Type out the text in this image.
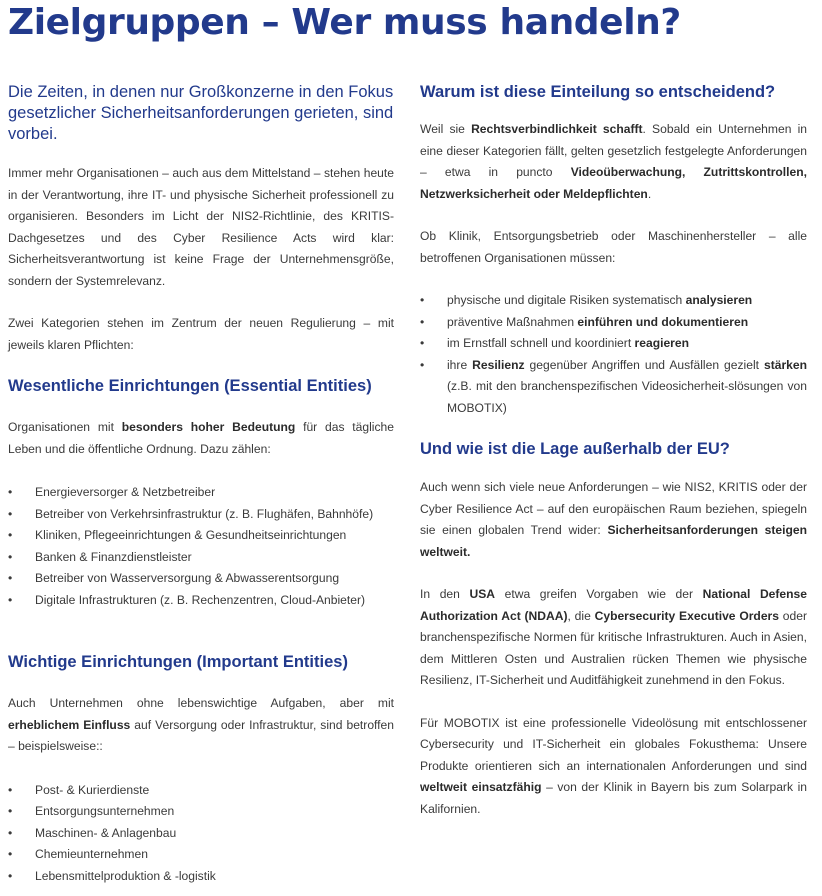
Zielgruppen – Wer muss handeln?

Die Zeiten, in denen nur Großkonzerne in den Fokus gesetzlicher Sicherheitsanforderungen gerieten, sind vorbei.

Immer mehr Organisationen – auch aus dem Mittelstand – stehen heute in der Verantwortung, ihre IT- und physische Sicherheit professionell zu organisieren. Besonders im Licht der NIS2-Richtlinie, des KRITIS-Dachgesetzes und des Cyber Resilience Acts wird klar: Sicherheitsverantwortung ist keine Frage der Unternehmensgröße, sondern der Systemrelevanz.

Zwei Kategorien stehen im Zentrum der neuen Regulierung – mit jeweils klaren Pflichten:

Wesentliche Einrichtungen (Essential Entities)

Organisationen mit besonders hoher Bedeutung für das tägliche Leben und die öffentliche Ordnung. Dazu zählen:

• Energieversorger & Netzbetreiber
• Betreiber von Verkehrsinfrastruktur (z. B. Flughäfen, Bahnhöfe)
• Kliniken, Pflegeeinrichtungen & Gesundheitseinrichtungen
• Banken & Finanzdienstleister
• Betreiber von Wasserversorgung & Abwasserentsorgung
• Digitale Infrastrukturen (z. B. Rechenzentren, Cloud-Anbieter)
Wichtige Einrichtungen (Important Entities)

Auch Unternehmen ohne lebenswichtige Aufgaben, aber mit erheblichem Einfluss auf Versorgung oder Infrastruktur, sind betroffen – beispielsweise::

• Post- & Kurierdienste
• Entsorgungsunternehmen
• Maschinen- & Anlagenbau
• Chemieunternehmen
• Lebensmittelproduktion & -logistik
Warum ist diese Einteilung so entscheidend?

Weil sie Rechtsverbindlichkeit schafft. Sobald ein Unternehmen in eine dieser Kategorien fällt, gelten gesetzlich festgelegte Anforderungen – etwa in puncto Videoüberwachung, Zutrittskontrollen, Netzwerksicherheit oder Meldepflichten.

Ob Klinik, Entsorgungsbetrieb oder Maschinenhersteller – alle betroffenen Organisationen müssen:

• physische und digitale Risiken systematisch analysieren
• präventive Maßnahmen einführen und dokumentieren
• im Ernstfall schnell und koordiniert reagieren
• ihre Resilienz gegenüber Angriffen und Ausfällen gezielt stärken (z.B. mit den branchenspezifischen Videosicherheit-slösungen von MOBOTIX)
Und wie ist die Lage außerhalb der EU?

Auch wenn sich viele neue Anforderungen – wie NIS2, KRITIS oder der Cyber Resilience Act – auf den europäischen Raum beziehen, spiegeln sie einen globalen Trend wider: Sicherheitsanforderungen steigen weltweit.

In den USA etwa greifen Vorgaben wie der National Defense Authorization Act (NDAA), die Cybersecurity Executive Orders oder branchenspezifische Normen für kritische Infrastrukturen. Auch in Asien, dem Mittleren Osten und Australien rücken Themen wie physische Resilienz, IT-Sicherheit und Auditfähigkeit zunehmend in den Fokus.

Für MOBOTIX ist eine professionelle Videolösung mit entschlossener Cybersecurity und IT-Sicherheit ein globales Fokusthema: Unsere Produkte orientieren sich an internationalen Anforderungen und sind weltweit einsatzfähig – von der Klinik in Bayern bis zum Solarpark in Kalifornien.
